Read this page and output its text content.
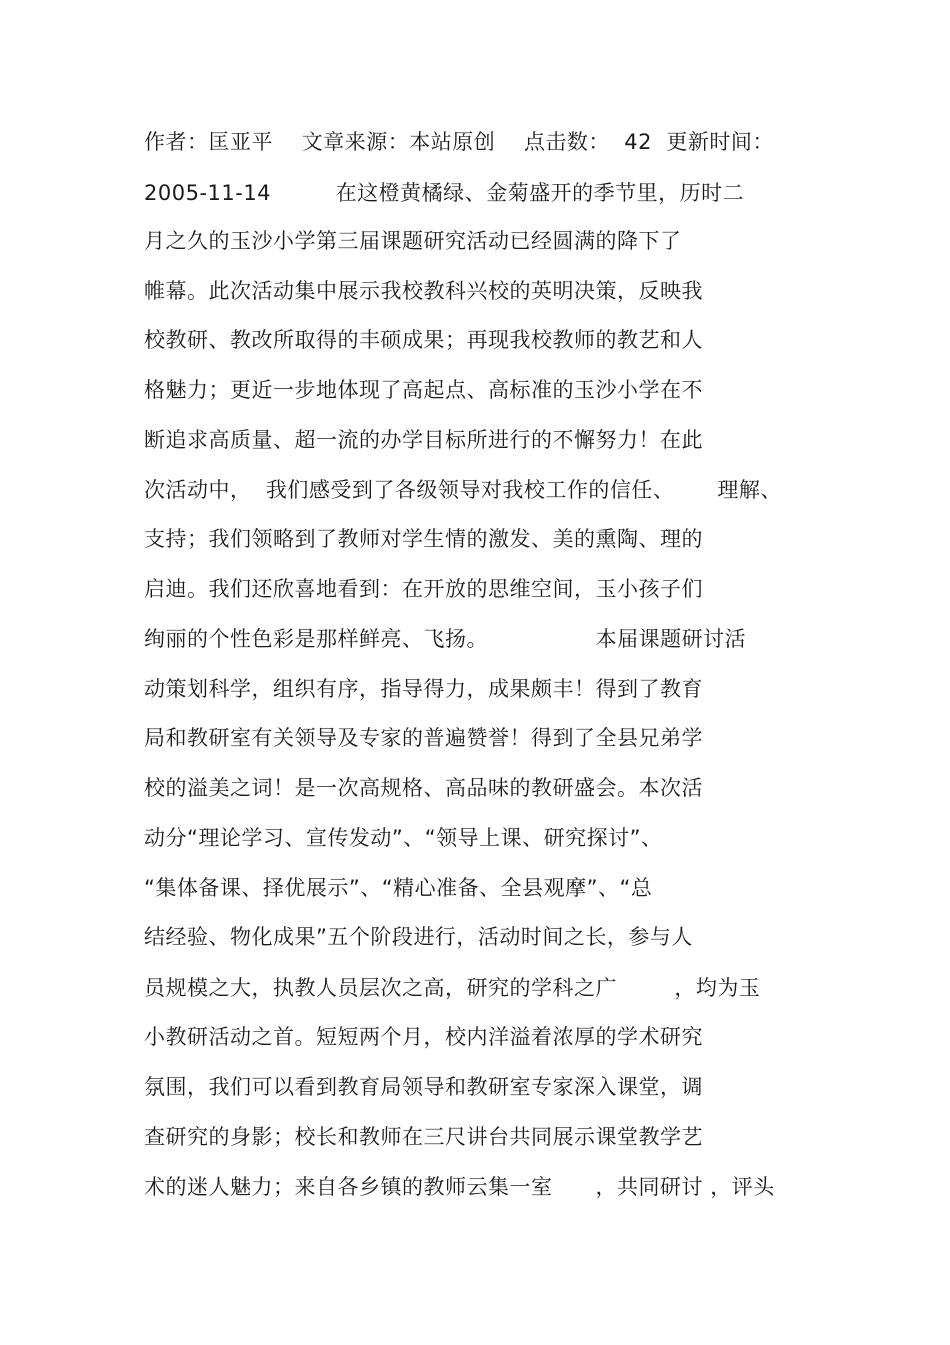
作者：匡亚平    文章来源：本站原创    点击数：  42  更新时间：
2005-11-14         在这橙黄橘绿、金菊盛开的季节里，历时二
月之久的玉沙小学第三届课题研究活动已经圆满的降下了
帷幕。此次活动集中展示我校教科兴校的英明决策，反映我
校教研、教改所取得的丰硕成果；再现我校教师的教艺和人
格魅力；更近一步地体现了高起点、高标准的玉沙小学在不
断追求高质量、超一流的办学目标所进行的不懈努力！在此
次活动中，  我们感受到了各级领导对我校工作的信任、      理解、
支持；我们领略到了教师对学生情的激发、美的熏陶、理的
启迪。我们还欣喜地看到：在开放的思维空间，玉小孩子们
绚丽的个性色彩是那样鲜亮、飞扬。               本届课题研讨活
动策划科学，组织有序，指导得力，成果颇丰！得到了教育
局和教研室有关领导及专家的普遍赞誉！得到了全县兄弟学
校的溢美之词！是一次高规格、高品味的教研盛会。本次活
动分“理论学习、宣传发动”、“领导上课、研究探讨”、
“集体备课、择优展示”、“精心准备、全县观摩”、“总
结经验、物化成果”五个阶段进行，活动时间之长，参与人
员规模之大，执教人员层次之高，研究的学科之广        ，均为玉
小教研活动之首。短短两个月，校内洋溢着浓厚的学术研究
氛围，我们可以看到教育局领导和教研室专家深入课堂，调
查研究的身影；校长和教师在三尺讲台共同展示课堂教学艺
术的迷人魅力；来自各乡镇的教师云集一室      ，共同研讨 ，评头
